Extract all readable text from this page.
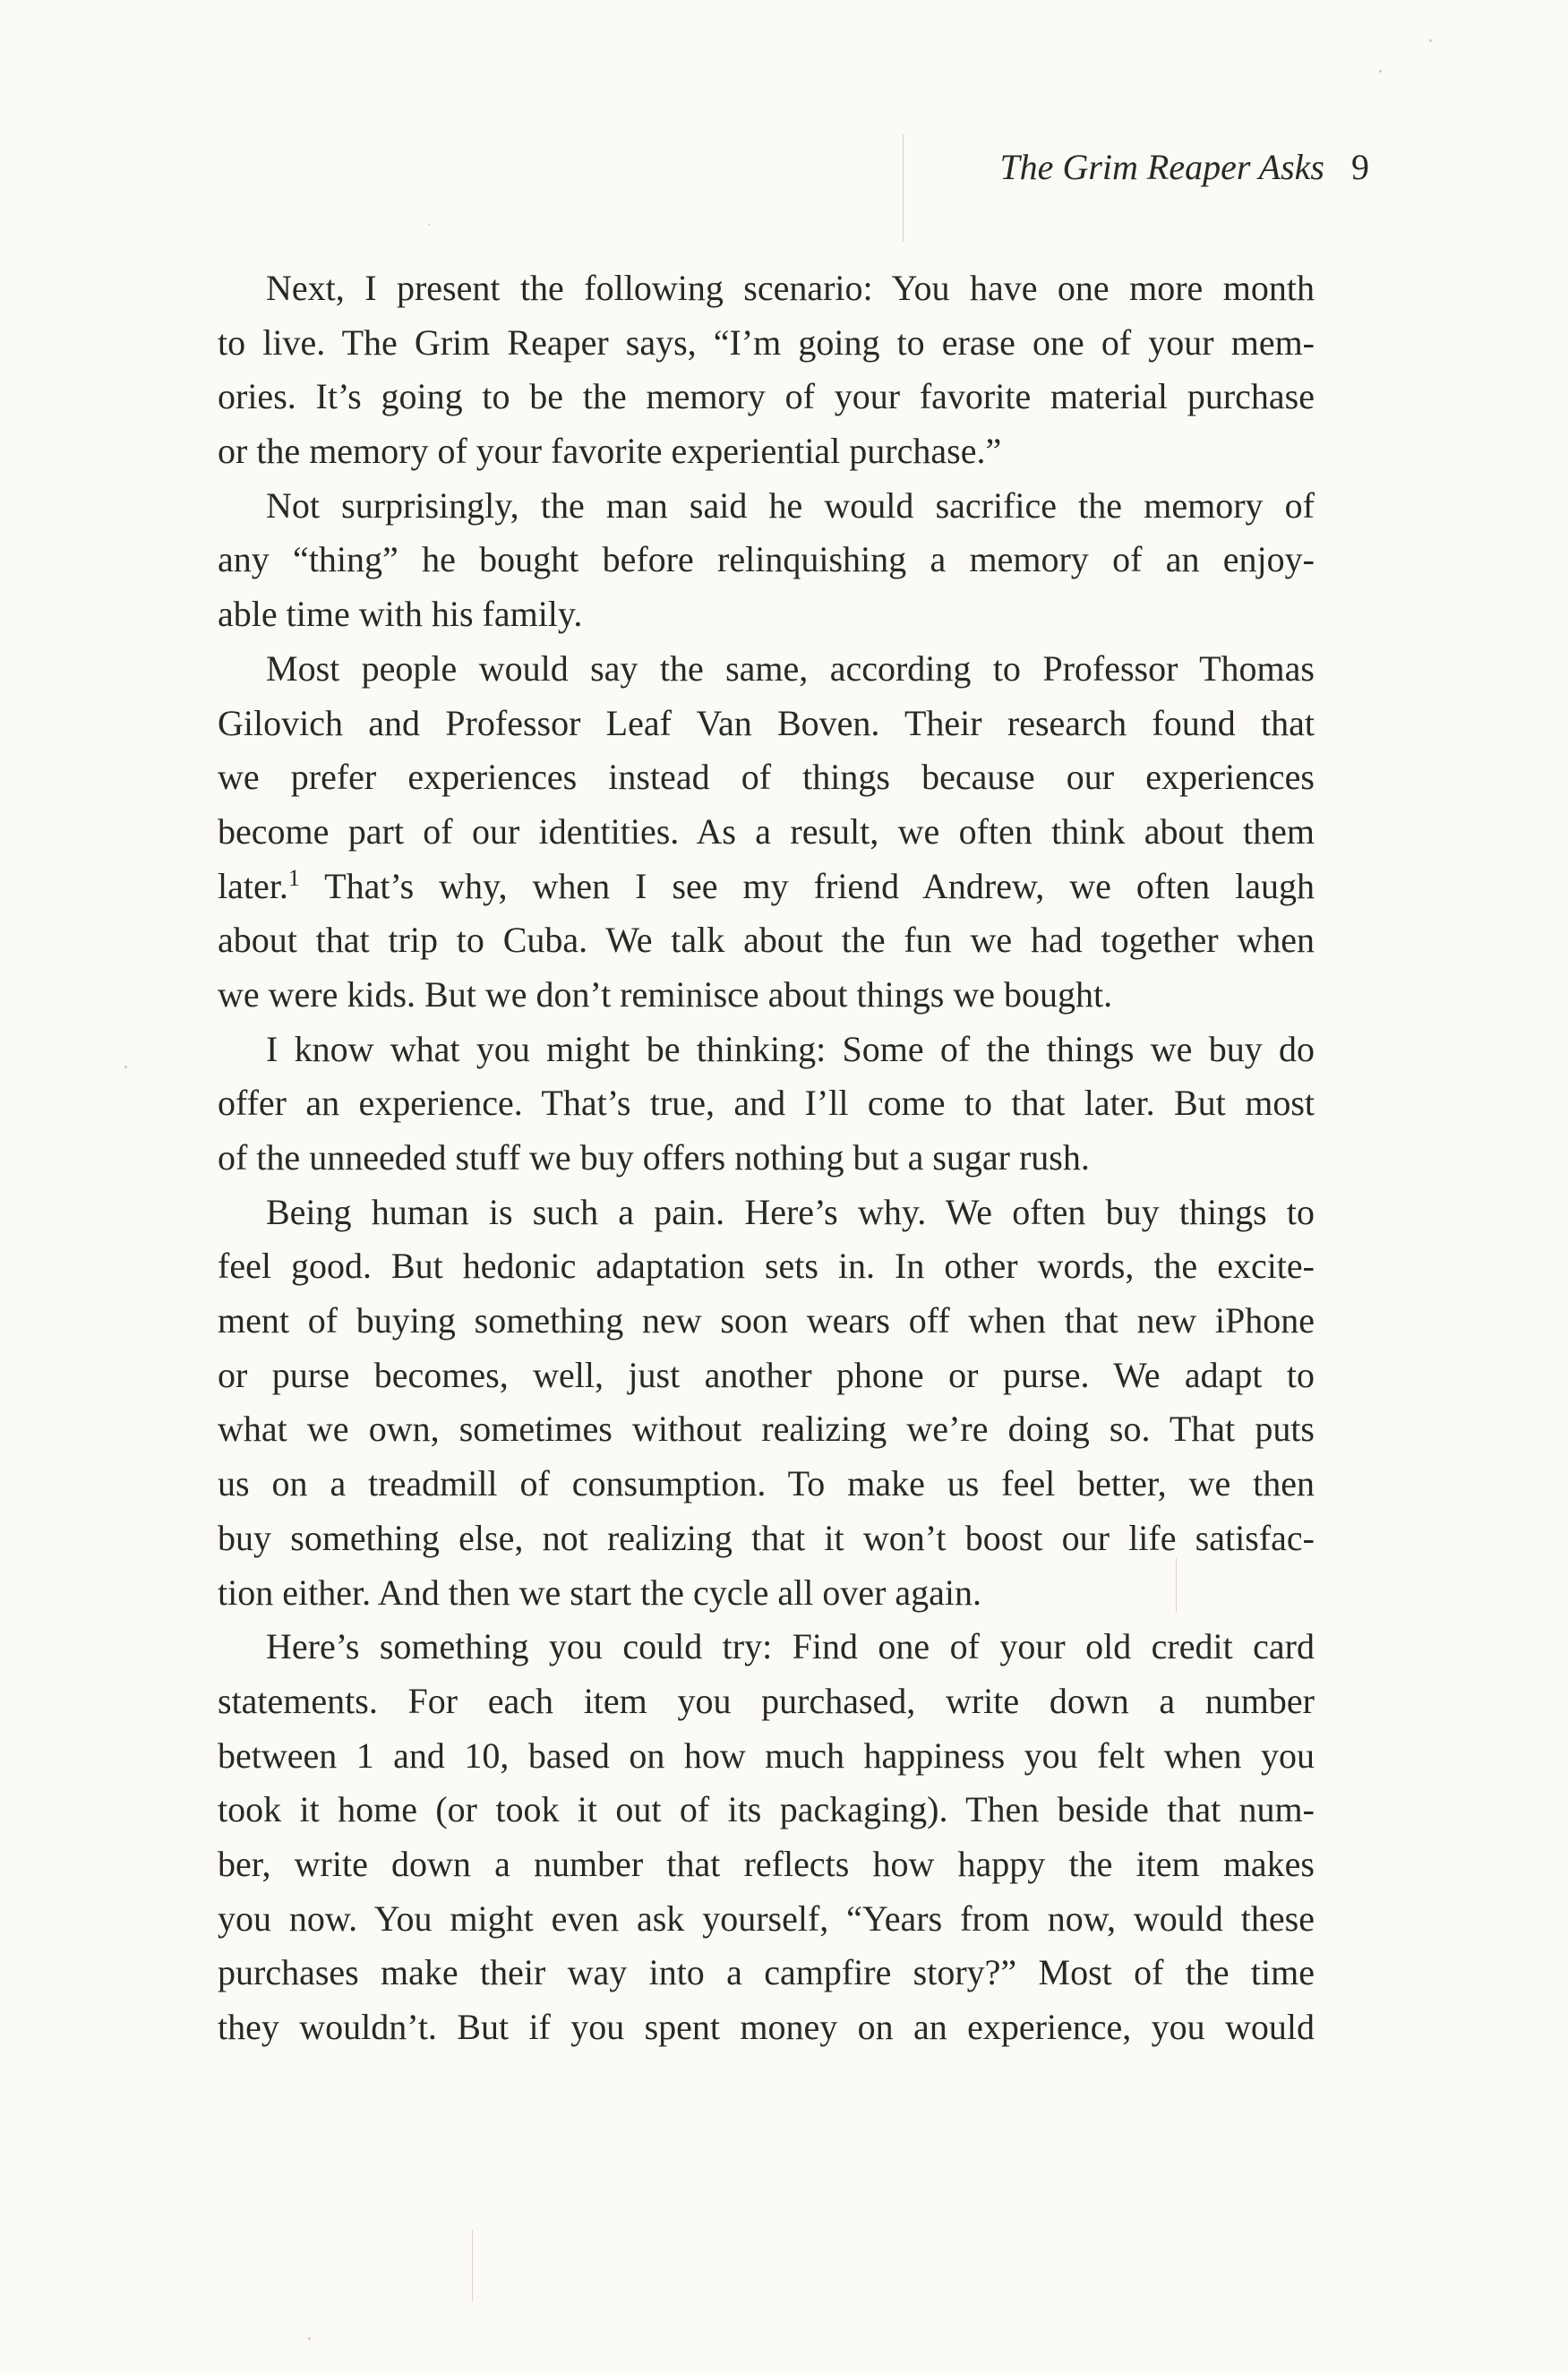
The Grim Reaper Asks 9
Next, I present the following scenario: You have one more month
to live. The Grim Reaper says, “I’m going to erase one of your mem-
ories. It’s going to be the memory of your favorite material purchase
or the memory of your favorite experiential purchase.”
Not surprisingly, the man said he would sacrifice the memory of
any “thing” he bought before relinquishing a memory of an enjoy-
able time with his family.
Most people would say the same, according to Professor Thomas
Gilovich and Professor Leaf Van Boven. Their research found that
we prefer experiences instead of things because our experiences
become part of our identities. As a result, we often think about them
later.$^1$ That’s why, when I see my friend Andrew, we often laugh
about that trip to Cuba. We talk about the fun we had together when
we were kids. But we don’t reminisce about things we bought.
I know what you might be thinking: Some of the things we buy do
offer an experience. That’s true, and I’ll come to that later. But most
of the unneeded stuff we buy offers nothing but a sugar rush.
Being human is such a pain. Here’s why. We often buy things to
feel good. But hedonic adaptation sets in. In other words, the excite-
ment of buying something new soon wears off when that new iPhone
or purse becomes, well, just another phone or purse. We adapt to
what we own, sometimes without realizing we’re doing so. That puts
us on a treadmill of consumption. To make us feel better, we then
buy something else, not realizing that it won’t boost our life satisfac-
tion either. And then we start the cycle all over again.
Here’s something you could try: Find one of your old credit card
statements. For each item you purchased, write down a number
between 1 and 10, based on how much happiness you felt when you
took it home (or took it out of its packaging). Then beside that num-
ber, write down a number that reflects how happy the item makes
you now. You might even ask yourself, “Years from now, would these
purchases make their way into a campfire story?” Most of the time
they wouldn’t. But if you spent money on an experience, you would
